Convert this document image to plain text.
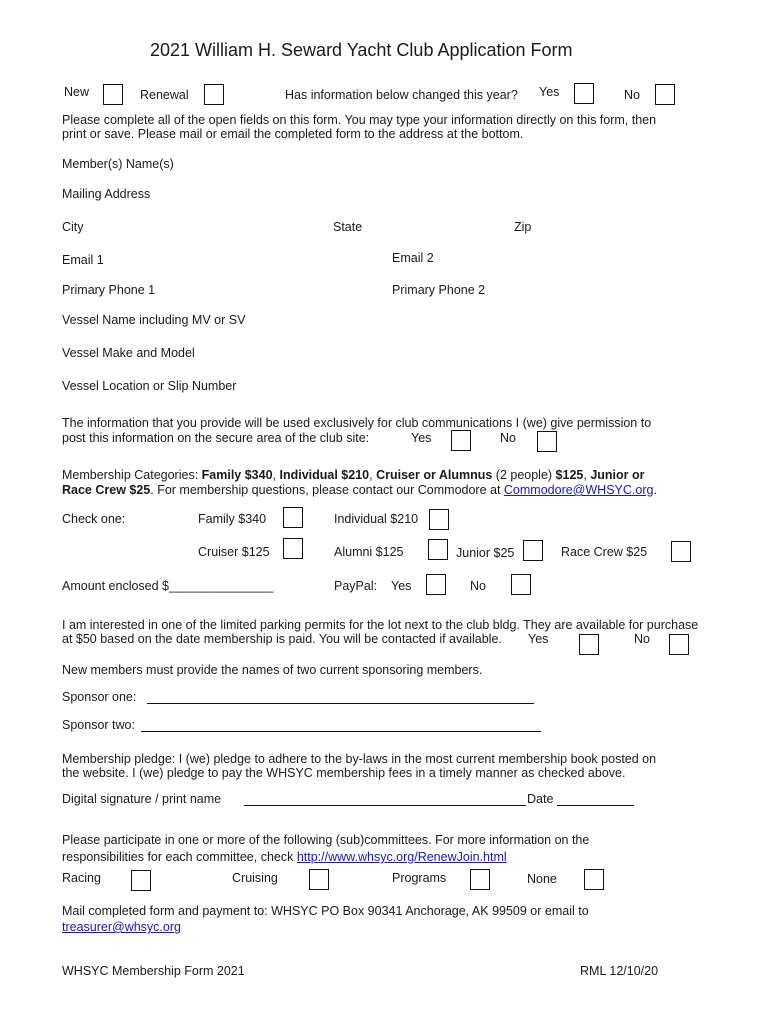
2021 William H. Seward Yacht Club Application Form
New	Renewal	Has information below changed this year? Yes	No
Please complete all of the open fields on this form. You may type your information directly on this form, then
print or save. Please mail or email the completed form to the address at the bottom.
Member(s) Name(s)
Mailing Address
City	State	Zip
Email 1	Email 2
Primary Phone 1	Primary Phone 2
Vessel Name including MV or SV
Vessel Make and Model
Vessel Location or Slip Number
The information that you provide will be used exclusively for club communications I (we) give permission to
post this information on the secure area of the club site:	Yes	No
Membership Categories: Family $340, Individual $210, Cruiser or Alumnus (2 people) $125, Junior or
Race Crew $25. For membership questions, please contact our Commodore at Commodore@WHSYC.org.
Check one:	Family $340	Individual $210
Cruiser $125	Alumni $125	Junior $25	Race Crew $25
Amount enclosed $_______________	PayPal: Yes	No
I am interested in one of the limited parking permits for the lot next to the club bldg. They are available for purchase
at $50 based on the date membership is paid. You will be contacted if available. Yes	No
New members must provide the names of two current sponsoring members.
Sponsor one:
Sponsor two:
Membership pledge: I (we) pledge to adhere to the by-laws in the most current membership book posted on
the website. I (we) pledge to pay the WHSYC membership fees in a timely manner as checked above.
Digital signature / print name	Date
Please participate in one or more of the following (sub)committees. For more information on the
responsibilities for each committee, check http://www.whsyc.org/RenewJoin.html
Racing	Cruising	Programs	None
Mail completed form and payment to: WHSYC PO Box 90341 Anchorage, AK 99509 or email to
treasurer@whsyc.org
WHSYC Membership Form 2021	RML 12/10/20
